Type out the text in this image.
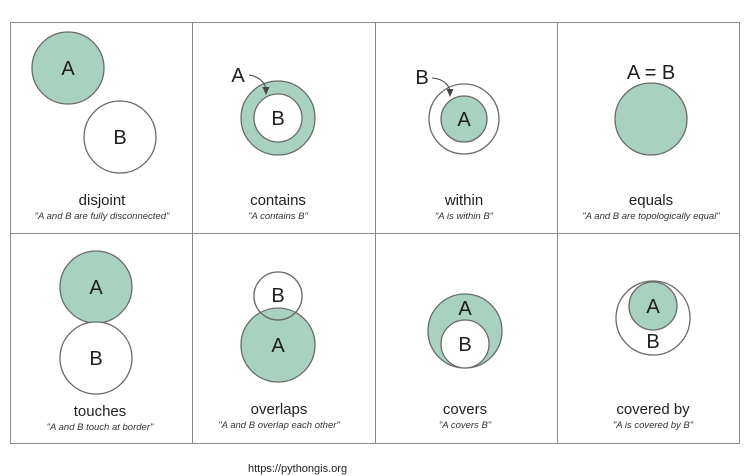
A
B
disjoint
"A and B are fully disconnected"
B
A
contains
"A contains B"
A
B
within
"A is within B"
A = B
equals
"A and B are topologically equal"
A
B
touches
"A and B touch at border"
B
A
overlaps
"A and B overlap each other"
A
B
covers
"A covers B"
A
B
covered by
"A is covered by B"

https://pythongis.org
